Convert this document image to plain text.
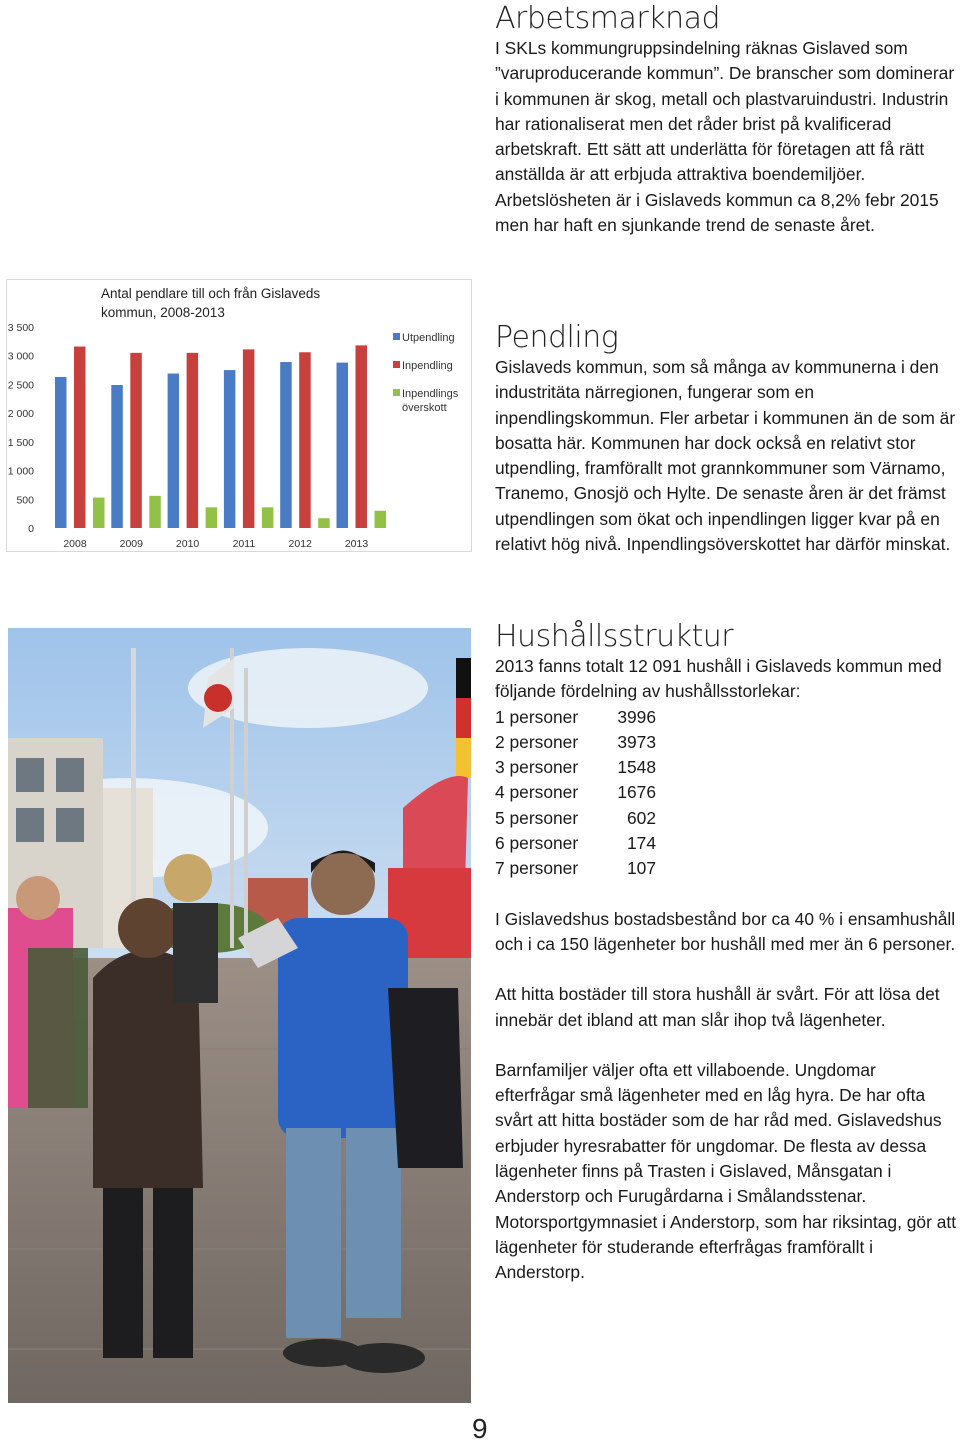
0
500
1 000
1 500
2 000
2 500
3 000
3 500
2008	2009	2010	2011	2012	2013
Antal pendlare till och från Gislaveds
kommun, 2008-2013
Utpendling
Inpendling
Inpendlings
överskott
Arbetsmarknad

I SKLs kommungruppsindelning räknas Gislaved som ”varuproducerande kommun”. De branscher som dominerar i kommunen är skog, metall och plastvaruindustri. Industrin har rationaliserat men det råder brist på kvalificerad arbetskraft. Ett sätt att underlätta för företagen att få rätt anställda är att erbjuda attraktiva boendemiljöer.

Arbetslösheten är i Gislaveds kommun ca 8,2% febr 2015 men har haft en sjunkande trend de senaste året.

Pendling

Gislaveds kommun, som så många av kommunerna i den industritäta närregionen, fungerar som en inpendlingskommun. Fler arbetar i kommunen än de som är bosatta här. Kommunen har dock också en relativt stor utpendling, framförallt mot grannkommuner som Värnamo, Tranemo, Gnosjö och Hylte. De senaste åren är det främst utpendlingen som ökat och inpendlingen ligger kvar på en relativt hög nivå. Inpendlingsöverskottet har därför minskat.

Hushållsstruktur

2013 fanns totalt 12 091 hushåll i Gislaveds kommun med följande fördelning av hushållsstorlekar:

1 personer	3996
2 personer	3973
3 personer	1548
4 personer	1676
5 personer	602
6 personer	174
7 personer	107

I Gislavedshus bostadsbestånd bor ca 40 % i ensamhushåll och i ca 150 lägenheter bor hushåll med mer än 6 personer.

Att hitta bostäder till stora hushåll är svårt. För att lösa det innebär det ibland att man slår ihop två lägenheter.

Barnfamiljer väljer ofta ett villaboende. Ungdomar efterfrågar små lägenheter med en låg hyra. De har ofta svårt att hitta bostäder som de har råd med. Gislavedshus erbjuder hyresrabatter för ungdomar. De flesta av dessa lägenheter finns på Trasten i Gislaved, Månsgatan i Anderstorp och Furugårdarna i Smålandsstenar. Motorsportgymnasiet i Anderstorp, som har riksintag, gör att lägenheter för studerande efterfrågas framförallt i Anderstorp.

9
